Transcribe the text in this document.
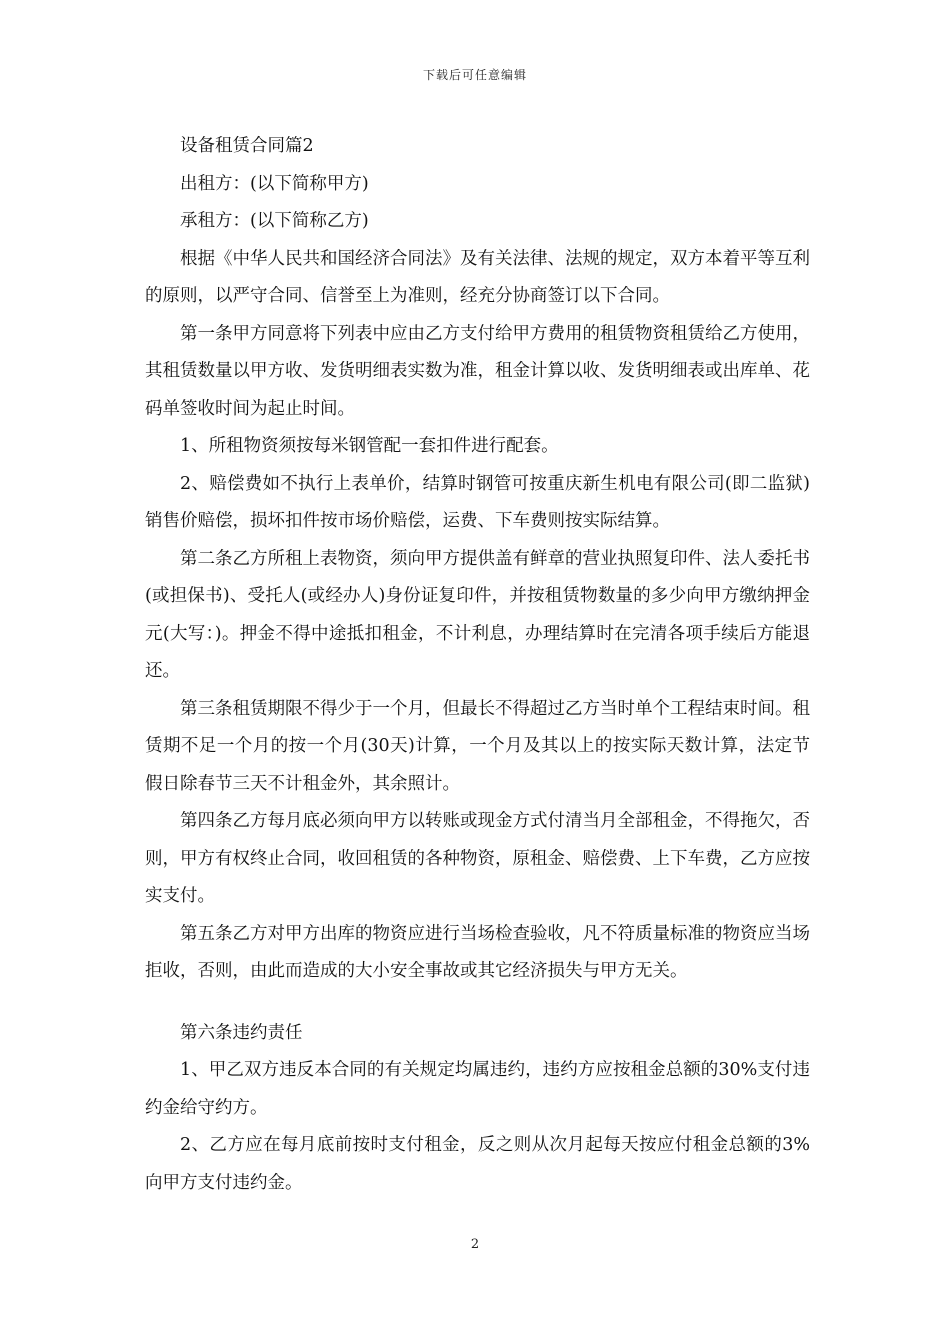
下载后可任意编辑

设备租赁合同篇2

出租方：(以下简称甲方)

承租方：(以下简称乙方)

根据《中华人民共和国经济合同法》及有关法律、法规的规定，双方本着平等互利的原则，以严守合同、信誉至上为准则，经充分协商签订以下合同。

第一条甲方同意将下列表中应由乙方支付给甲方费用的租赁物资租赁给乙方使用，其租赁数量以甲方收、发货明细表实数为准，租金计算以收、发货明细表或出库单、花码单签收时间为起止时间。

1、所租物资须按每米钢管配一套扣件进行配套。

2、赔偿费如不执行上表单价，结算时钢管可按重庆新生机电有限公司(即二监狱)销售价赔偿，损坏扣件按市场价赔偿，运费、下车费则按实际结算。

第二条乙方所租上表物资，须向甲方提供盖有鲜章的营业执照复印件、法人委托书(或担保书)、受托人(或经办人)身份证复印件，并按租赁物数量的多少向甲方缴纳押金元(大写：)。押金不得中途抵扣租金，不计利息，办理结算时在完清各项手续后方能退还。

第三条租赁期限不得少于一个月，但最长不得超过乙方当时单个工程结束时间。租赁期不足一个月的按一个月(30天)计算，一个月及其以上的按实际天数计算，法定节假日除春节三天不计租金外，其余照计。

第四条乙方每月底必须向甲方以转账或现金方式付清当月全部租金，不得拖欠，否则，甲方有权终止合同，收回租赁的各种物资，原租金、赔偿费、上下车费，乙方应按实支付。

第五条乙方对甲方出库的物资应进行当场检查验收，凡不符质量标准的物资应当场拒收，否则，由此而造成的大小安全事故或其它经济损失与甲方无关。

第六条违约责任

1、甲乙双方违反本合同的有关规定均属违约，违约方应按租金总额的30%支付违约金给守约方。

2、乙方应在每月底前按时支付租金，反之则从次月起每天按应付租金总额的3%向甲方支付违约金。

2
